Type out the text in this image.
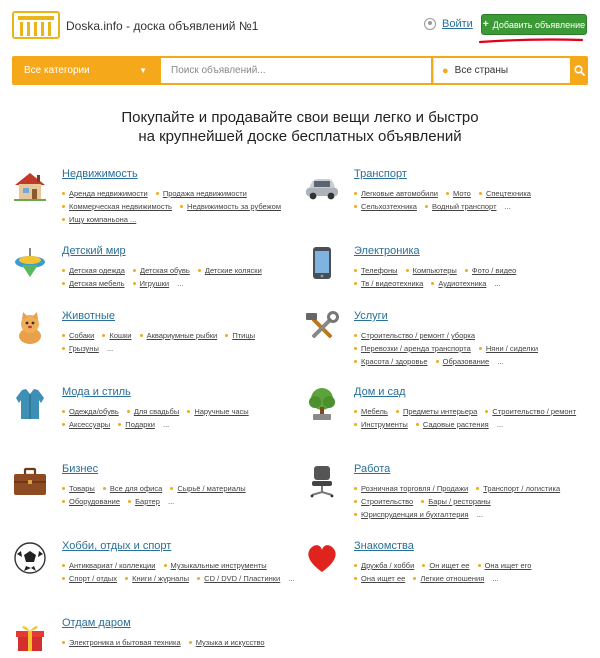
Doska.info - доска объявлений №1	Войти + Добавить объявление
Все категории	▼
Поиск объявлений...	● Все страны
Покупайте и продавайте свои вещи легко и быстро
на крупнейшей доске бесплатных объявлений
Недвижимость
Аренда недвижимости Продажа недвижимости Коммерческая недвижимость Недвижимость за рубежом Ищу компаньона ...
Транспорт
Легковые автомобили Мото Спецтехника Сельхозтехника Водный транспорт ...
Детский мир
Детская одежда Детская обувь Детские коляски Детская мебель Игрушки ...
Электроника
Телефоны Компьютеры Фото / видео Тв / видеотехника Аудиотехника ...
Животные
Собаки Кошки Аквариумные рыбки Птицы Грызуны ...
Услуги
Строительство / ремонт / уборка Перевозки / аренда транспорта Няни / сиделки Красота / здоровье Образование ...
Мода и стиль
Одежда/обувь Для свадьбы Наручные часы Аксессуары Подарки ...
Дом и сад
Мебель Предметы интерьера Строительство / ремонт Инструменты Садовые растения ...
Бизнес
Товары Все для офиса Сырьё / материалы Оборудование Бартер ...
Работа
Розничная торговля / Продажи Транспорт / логистика Строительство Бары / рестораны Юриспруденция и бухгалтерия ...
Хобби, отдых и спорт
Антиквариат / коллекции Музыкальные инструменты Спорт / отдых Книги / журналы CD / DVD / Пластинки ...
Знакомства
Дружба / хобби Он ищет ее Она ищет его Она ищет ее Легкие отношения ...
Отдам даром
Электроника и бытовая техника Музыка и искусство
